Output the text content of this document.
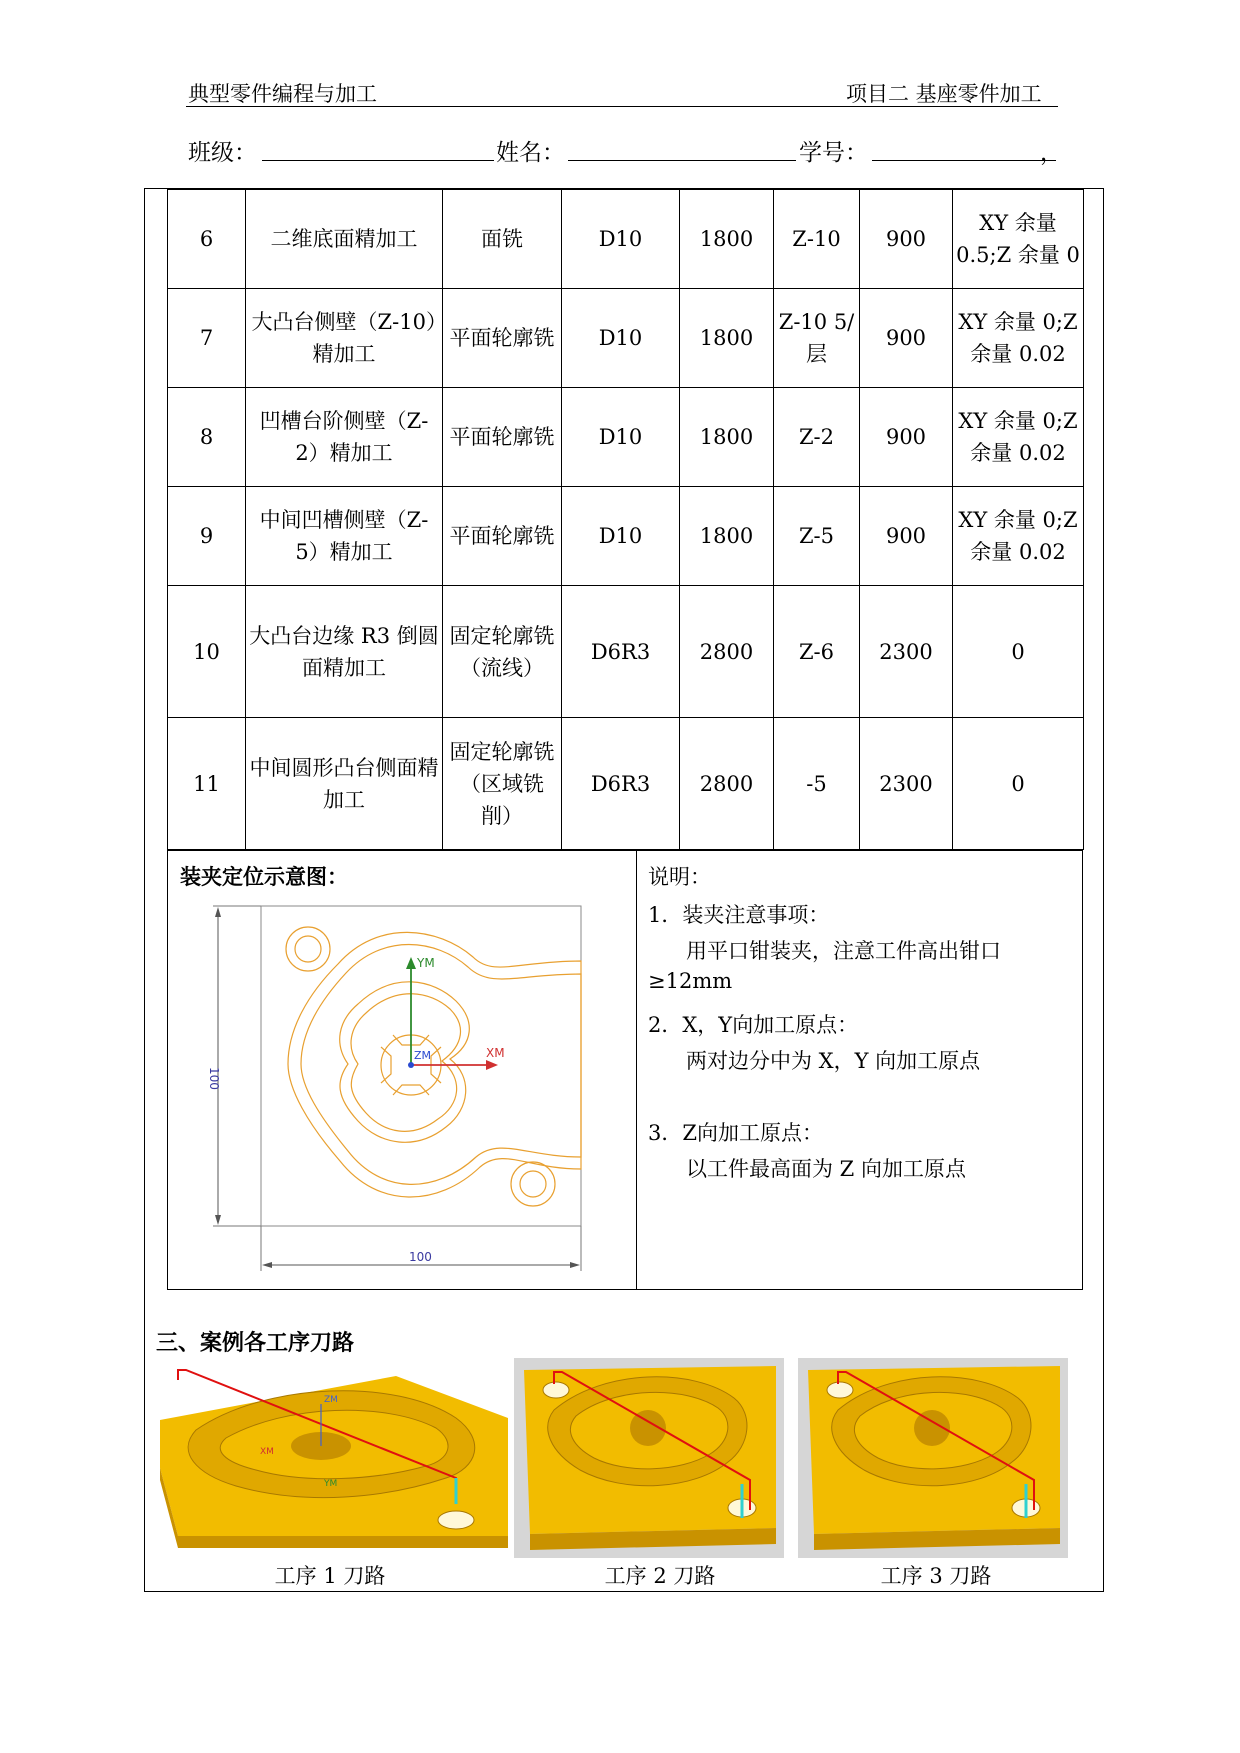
典型零件编程与加工	项目二 基座零件加工
班级：	姓名：	学号：	，
6	二维底面精加工	面铣	D10	1800	Z-10	900	XY 余量 0.5;Z 余量 0
7	大凸台侧壁（Z-10）精加工	平面轮廓铣	D10	1800	Z-10 5/层	900	XY 余量 0;Z 余量 0.02
8	凹槽台阶侧壁（Z-2）精加工	平面轮廓铣	D10	1800	Z-2	900	XY 余量 0;Z 余量 0.02
9	中间凹槽侧壁（Z-5）精加工	平面轮廓铣	D10	1800	Z-5	900	XY 余量 0;Z 余量 0.02
10	大凸台边缘 R3 倒圆面精加工	固定轮廓铣（流线）	D6R3	2800	Z-6	2300	0
11	中间圆形凸台侧面精加工	固定轮廓铣（区域铣削）	D6R3	2800	-5	2300	0
装夹定位示意图：
100
100
YM
XM
ZM
说明：
1．装夹注意事项：
用平口钳装夹，注意工件高出钳口
≥12mm
2．X，Y向加工原点：
两对边分中为 X，Y 向加工原点
3．Z向加工原点：
以工件最高面为 Z 向加工原点
三、案例各工序刀路
ZM
XM
YM
工序 1 刀路	工序 2 刀路	工序 3 刀路
